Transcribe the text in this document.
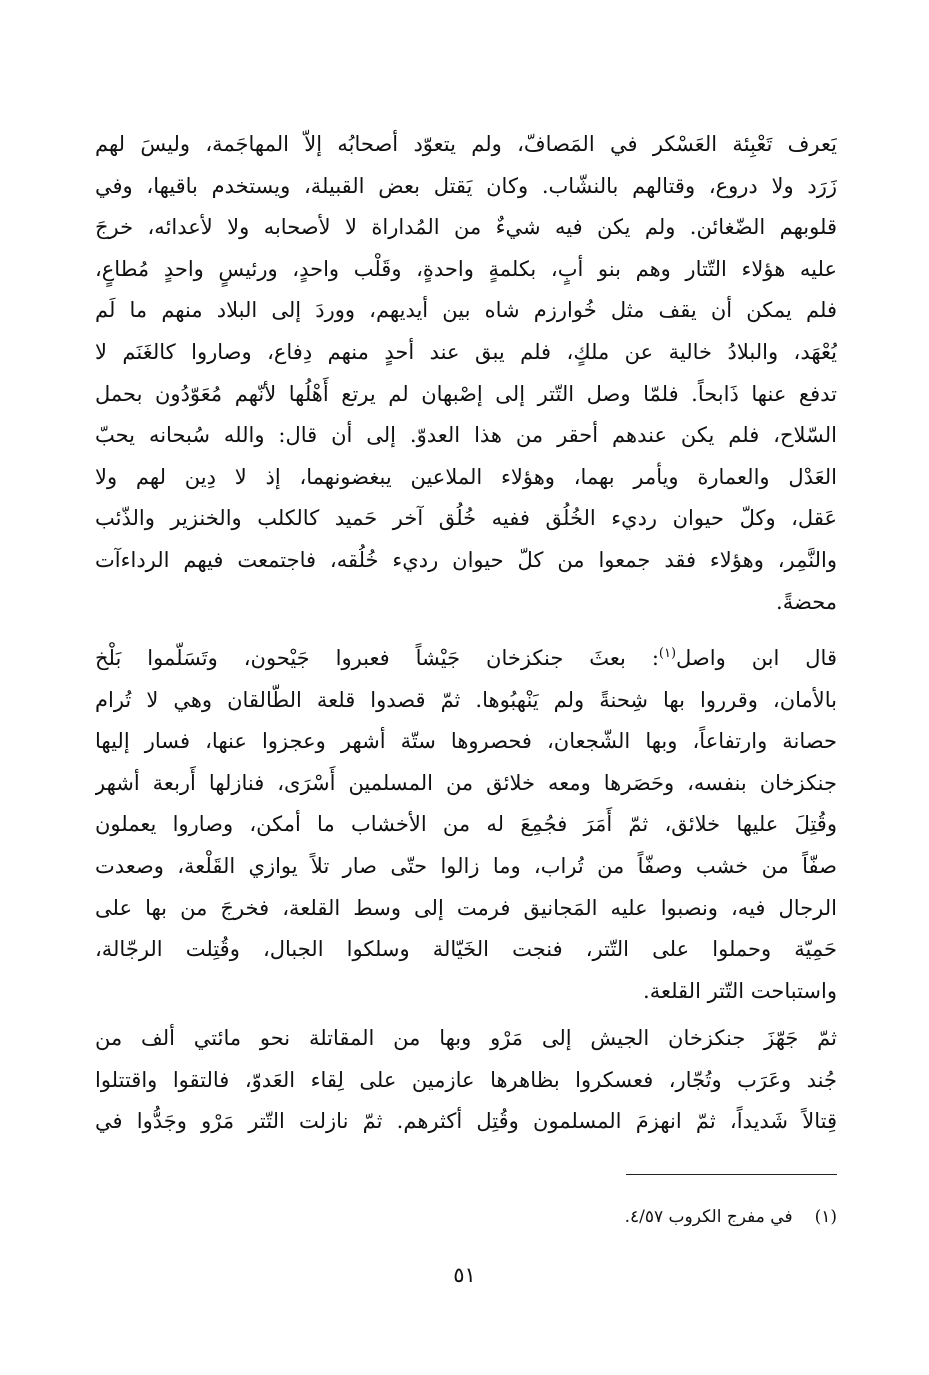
يَعرف تَعْبِئة العَسْكر في المَصافّ، ولم يتعوّد أصحابُه إلاّ المهاجَمة، وليسَ لهم
زَرَد ولا دروع، وقتالهم بالنشّاب. وكان يَقتل بعض القبيلة، ويستخدم باقيها، وفي
قلوبهم الضّغائن. ولم يكن فيه شيءٌ من المُداراة لا لأصحابه ولا لأعدائه، خرجَ
عليه هؤلاء التّتار وهم بنو أبٍ، بكلمةٍ واحدةٍ، وقَلْب واحدٍ، ورئيسٍ واحدٍ مُطاعٍ،
فلم يمكن أن يقف مثل خُوارزم شاه بين أيديهم، ووردَ إلى البلاد منهم ما لَم
يُعْهَد، والبلادُ خالية عن ملكٍ، فلم يبق عند أحدٍ منهم دِفاع، وصاروا كالغَنَم لا
تدفع عنها ذَابحاً. فلمّا وصل التّتر إلى إصْبهان لم يرتع أَهْلُها لأنّهم مُعَوّدُون بحمل
السّلاح، فلم يكن عندهم أحقر من هذا العدوّ. إلى أن قال: والله سُبحانه يحبّ
العَدْل والعمارة ويأمر بهما، وهؤلاء الملاعين يبغضونهما، إذ لا دِين لهم ولا
عَقل، وكلّ حيوان رديء الخُلُق ففيه خُلُق آخر حَميد كالكلب والخنزير والذّئب
والنَّمِر، وهؤلاء فقد جمعوا من كلّ حيوان رديء خُلُقه، فاجتمعت فيهم الرداءآت
محضةً.
قال ابن واصل$^{(١)}$: بعثَ جنكزخان جَيْشاً فعبروا جَيْحون، وتَسَلّموا بَلْخ
بالأمان، وقرروا بها شِحنةً ولم يَنْهبُوها. ثمّ قصدوا قلعة الطّالقان وهي لا تُرام
حصانة وارتفاعاً، وبها الشّجعان، فحصروها ستّة أشهر وعجزوا عنها، فسار إليها
جنكزخان بنفسه، وحَصَرها ومعه خلائق من المسلمين أَسْرَى، فنازلها أَربعة أشهر
وقُتِلَ عليها خلائق، ثمّ أَمَرَ فجُمِعَ له من الأخشاب ما أمكن، وصاروا يعملون
صفّاً من خشب وصفّاً من تُراب، وما زالوا حتّى صار تلاً يوازي القَلْعة، وصعدت
الرجال فيه، ونصبوا عليه المَجانيق فرمت إلى وسط القلعة، فخرجَ من بها على
حَمِيّة وحملوا على التّتر، فنجت الخَيّالة وسلكوا الجبال، وقُتِلت الرجّالة،
واستباحت التّتر القلعة.
ثمّ جَهّزَ جنكزخان الجيش إلى مَرْو وبها من المقاتلة نحو مائتي ألف من
جُند وعَرَب وتُجّار، فعسكروا بظاهرها عازمين على لِقاء العَدوّ، فالتقوا واقتتلوا
قِتالاً شَديداً، ثمّ انهزمَ المسلمون وقُتِل أكثرهم. ثمّ نازلت التّتر مَرْو وجَدُّوا في
(١)في مفرج الكروب ٤/٥٧.
٥١
